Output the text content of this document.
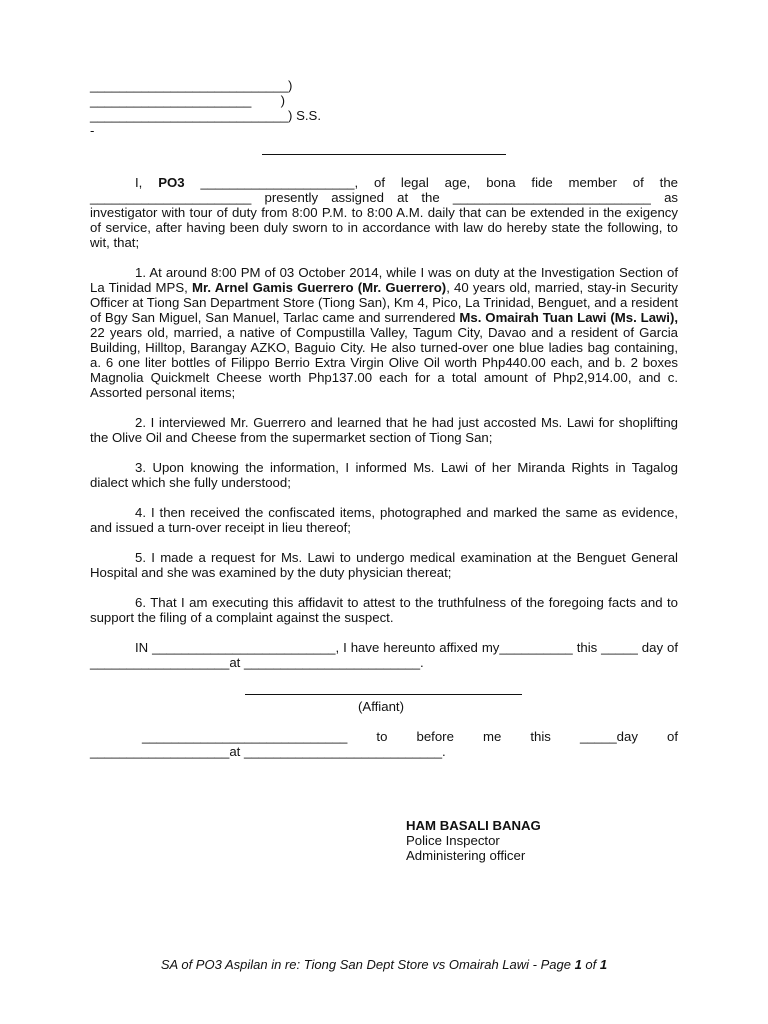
___________________________)
______________________        )
___________________________) S.S.
-

I, PO3 _____________________, of legal age, bona fide member of the ______________________ presently assigned at the ___________________________ as investigator with tour of duty from 8:00 P.M. to 8:00 A.M. daily that can be extended in the exigency of service, after having been duly sworn to in accordance with law do hereby state the following, to wit, that;

1. At around 8:00 PM of 03 October 2014, while I was on duty at the Investigation Section of La Tinidad MPS, Mr. Arnel Gamis Guerrero (Mr. Guerrero), 40 years old, married, stay-in Security Officer at Tiong San Department Store (Tiong San), Km 4, Pico, La Trinidad, Benguet, and a resident of Bgy San Miguel, San Manuel, Tarlac came and surrendered Ms. Omairah Tuan Lawi (Ms. Lawi), 22 years old, married, a native of Compustilla Valley, Tagum City, Davao and a resident of Garcia Building, Hilltop, Barangay AZKO, Baguio City. He also turned-over one blue ladies bag containing, a. 6 one liter bottles of Filippo Berrio Extra Virgin Olive Oil worth Php440.00 each, and b. 2 boxes Magnolia Quickmelt Cheese worth Php137.00 each for a total amount of Php2,914.00, and c. Assorted personal items;

2. I interviewed Mr. Guerrero and learned that he had just accosted Ms. Lawi for shoplifting the Olive Oil and Cheese from the supermarket section of Tiong San;

3. Upon knowing the information, I informed Ms. Lawi of her Miranda Rights in Tagalog dialect which she fully understood;

4. I then received the confiscated items, photographed and marked the same as evidence, and issued a turn-over receipt in lieu thereof;

5. I made a request for Ms. Lawi to undergo medical examination at the Benguet General Hospital and she was examined by the duty physician thereat;

6. That I am executing this affidavit to attest to the truthfulness of the foregoing facts and to support the filing of a complaint against the suspect.

IN _________________________, I have hereunto affixed my__________ this _____ day of ___________________at ________________________.

(Affiant)

____________________________ to before me this _____day of ___________________at ___________________________.

HAM BASALI BANAG
Police Inspector
Administering officer
SA of PO3 Aspilan in re: Tiong San Dept Store vs Omairah Lawi - Page 1 of 1
